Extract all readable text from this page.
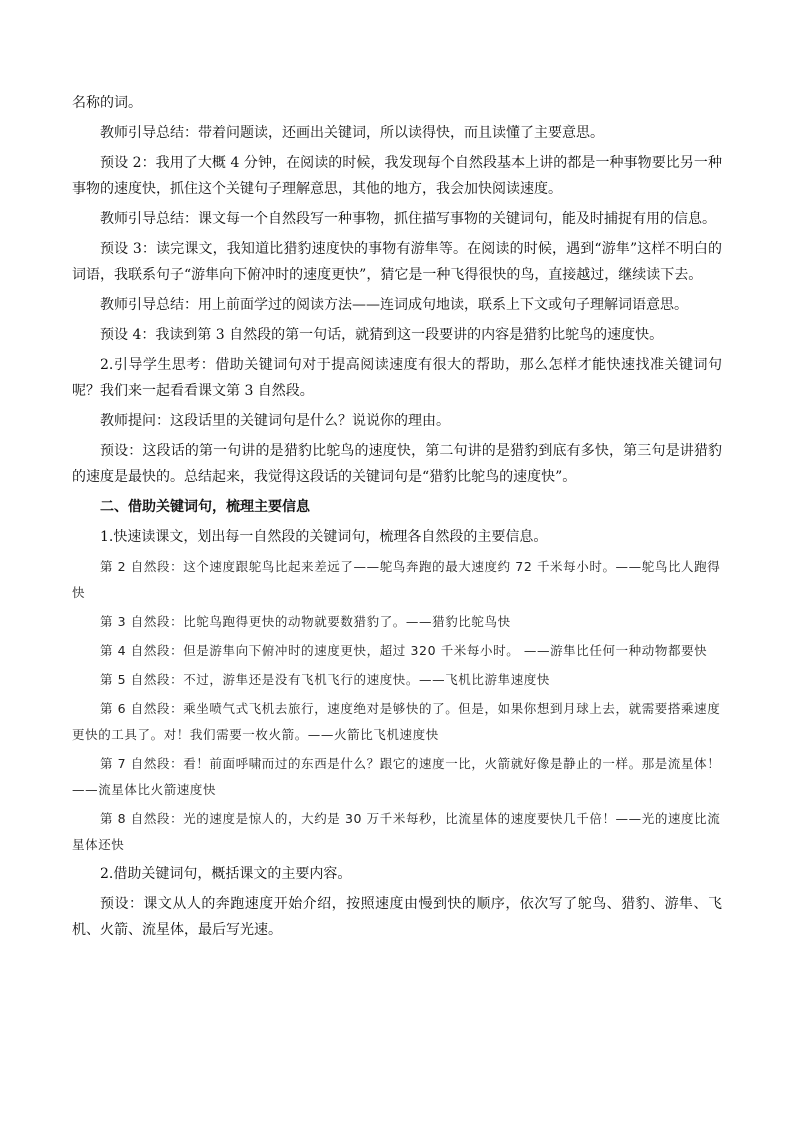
名称的词。

教师引导总结：带着问题读，还画出关键词，所以读得快，而且读懂了主要意思。

预设 2：我用了大概 4 分钟，在阅读的时候，我发现每个自然段基本上讲的都是一种事物要比另一种事物的速度快，抓住这个关键句子理解意思，其他的地方，我会加快阅读速度。

教师引导总结：课文每一个自然段写一种事物，抓住描写事物的关键词句，能及时捕捉有用的信息。

预设 3：读完课文，我知道比猎豹速度快的事物有游隼等。在阅读的时候，遇到“游隼”这样不明白的词语，我联系句子“游隼向下俯冲时的速度更快”，猜它是一种飞得很快的鸟，直接越过，继续读下去。

教师引导总结：用上前面学过的阅读方法——连词成句地读，联系上下文或句子理解词语意思。

预设 4：我读到第 3 自然段的第一句话，就猜到这一段要讲的内容是猎豹比鸵鸟的速度快。

2.引导学生思考：借助关键词句对于提高阅读速度有很大的帮助，那么怎样才能快速找准关键词句呢？我们来一起看看课文第 3 自然段。

教师提问：这段话里的关键词句是什么？说说你的理由。

预设：这段话的第一句讲的是猎豹比鸵鸟的速度快，第二句讲的是猎豹到底有多快，第三句是讲猎豹的速度是最快的。总结起来，我觉得这段话的关键词句是“猎豹比鸵鸟的速度快”。

二、借助关键词句，梳理主要信息

1.快速读课文，划出每一自然段的关键词句，梳理各自然段的主要信息。

第 2 自然段：这个速度跟鸵鸟比起来差远了——鸵鸟奔跑的最大速度约 72 千米每小时。——鸵鸟比人跑得快

第 3 自然段：比鸵鸟跑得更快的动物就要数猎豹了。——猎豹比鸵鸟快

第 4 自然段：但是游隼向下俯冲时的速度更快，超过 320 千米每小时。 ——游隼比任何一种动物都要快

第 5 自然段：不过，游隼还是没有飞机飞行的速度快。——飞机比游隼速度快

第 6 自然段：乘坐喷气式飞机去旅行，速度绝对是够快的了。但是，如果你想到月球上去，就需要搭乘速度更快的工具了。对！我们需要一枚火箭。——火箭比飞机速度快

第 7 自然段：看！前面呼啸而过的东西是什么？跟它的速度一比，火箭就好像是静止的一样。那是流星体！——流星体比火箭速度快

第 8 自然段：光的速度是惊人的，大约是 30 万千米每秒，比流星体的速度要快几千倍！——光的速度比流星体还快

2.借助关键词句，概括课文的主要内容。

预设：课文从人的奔跑速度开始介绍，按照速度由慢到快的顺序，依次写了鸵鸟、猎豹、游隼、飞机、火箭、流星体，最后写光速。
